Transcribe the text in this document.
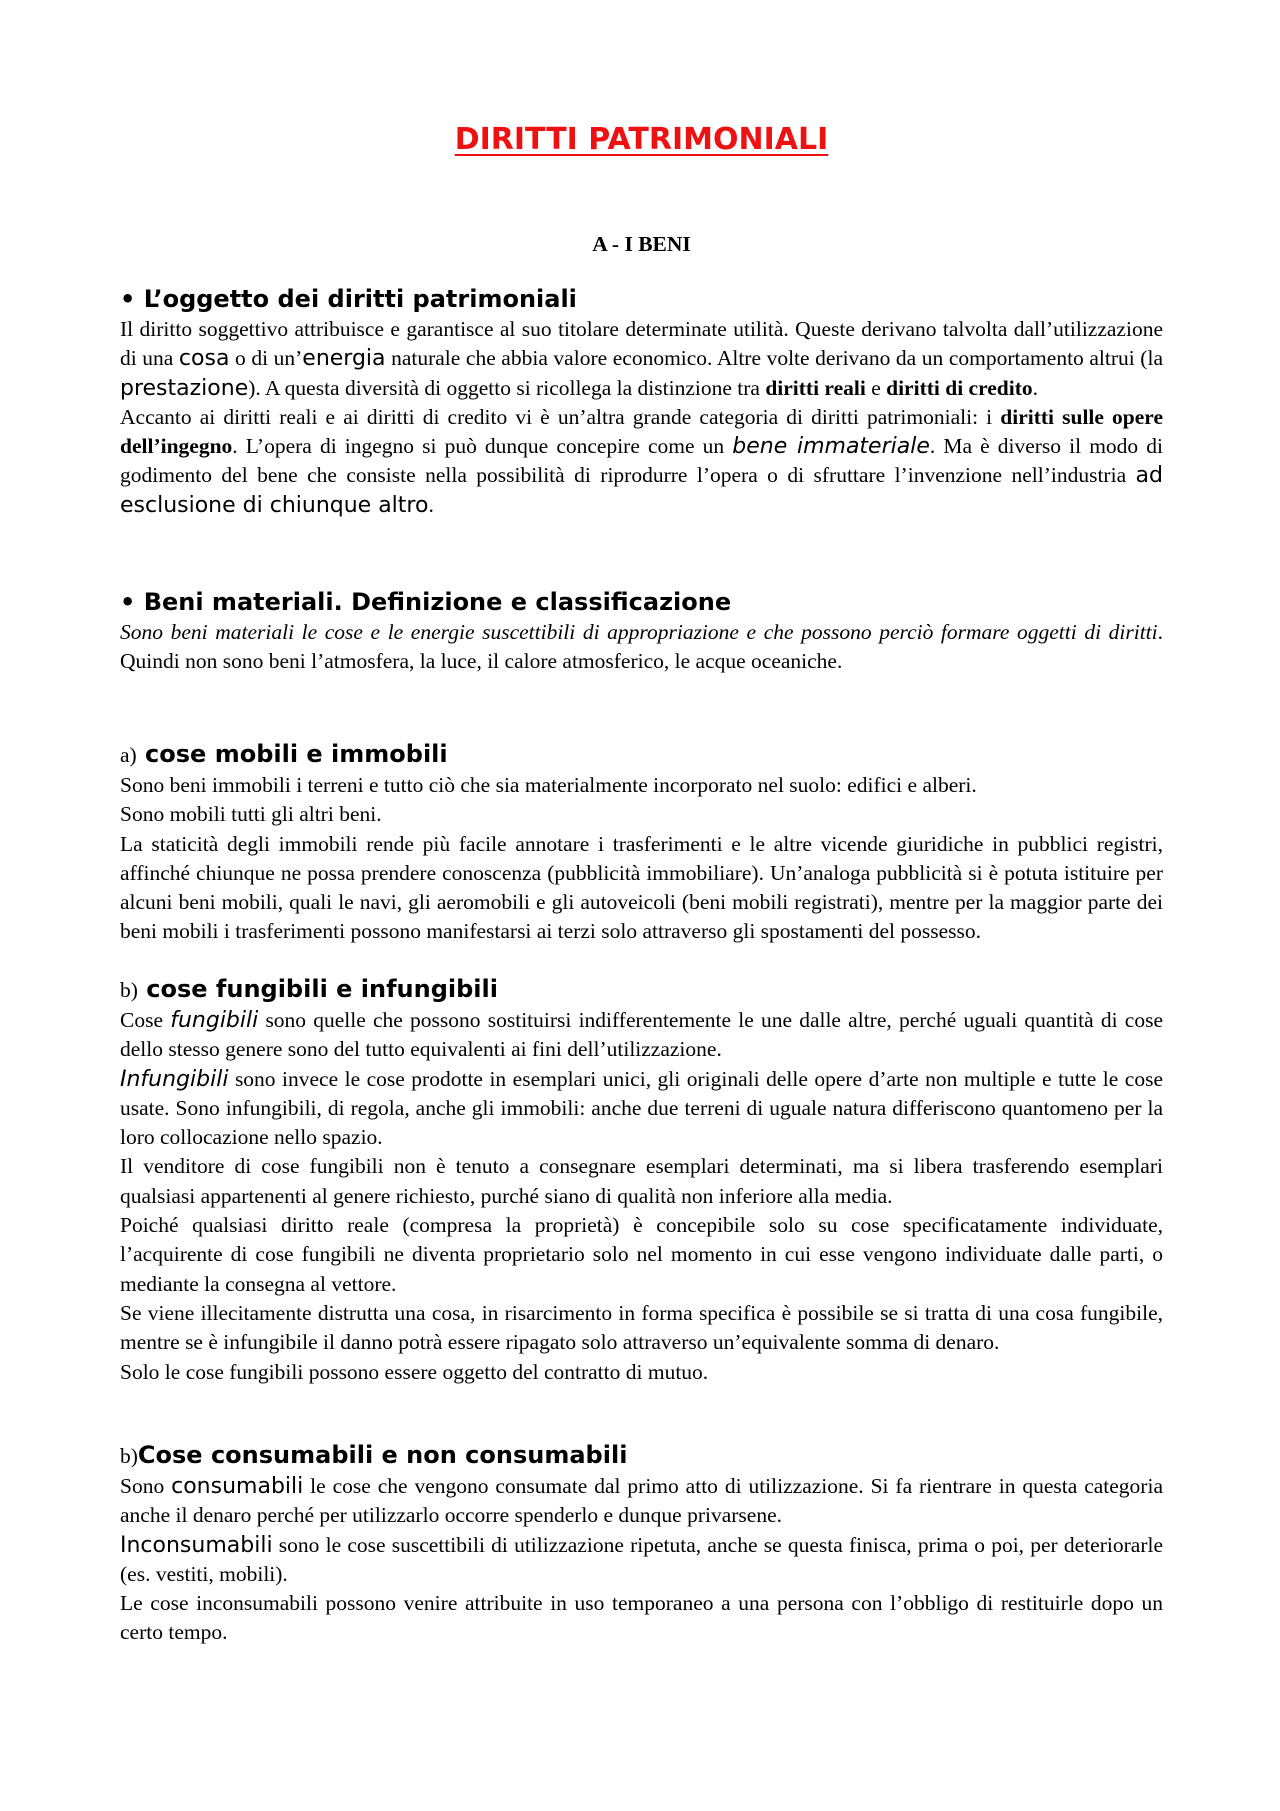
DIRITTI PATRIMONIALI
A - I BENI
• L’oggetto dei diritti patrimoniali

Il diritto soggettivo attribuisce e garantisce al suo titolare determinate utilità. Queste derivano talvolta dall’utilizzazione di una cosa o di un’energia naturale che abbia valore economico. Altre volte derivano da un comportamento altrui (la prestazione). A questa diversità di oggetto si ricollega la distinzione tra diritti reali e diritti di credito.

Accanto ai diritti reali e ai diritti di credito vi è un’altra grande categoria di diritti patrimoniali: i diritti sulle opere dell’ingegno. L’opera di ingegno si può dunque concepire come un bene immateriale. Ma è diverso il modo di godimento del bene che consiste nella possibilità di riprodurre l’opera o di sfruttare l’invenzione nell’industria ad esclusione di chiunque altro.

• Beni materiali. Definizione e classificazione

Sono beni materiali le cose e le energie suscettibili di appropriazione e che possono perciò formare oggetti di diritti. Quindi non sono beni l’atmosfera, la luce, il calore atmosferico, le acque oceaniche.

a) cose mobili e immobili

Sono beni immobili i terreni e tutto ciò che sia materialmente incorporato nel suolo: edifici e alberi.

Sono mobili tutti gli altri beni.

La staticità degli immobili rende più facile annotare i trasferimenti e le altre vicende giuridiche in pubblici registri, affinché chiunque ne possa prendere conoscenza (pubblicità immobiliare). Un’analoga pubblicità si è potuta istituire per alcuni beni mobili, quali le navi, gli aeromobili e gli autoveicoli (beni mobili registrati), mentre per la maggior parte dei beni mobili i trasferimenti possono manifestarsi ai terzi solo attraverso gli spostamenti del possesso.

b) cose fungibili e infungibili

Cose fungibili sono quelle che possono sostituirsi indifferentemente le une dalle altre, perché uguali quantità di cose dello stesso genere sono del tutto equivalenti ai fini dell’utilizzazione.

Infungibili sono invece le cose prodotte in esemplari unici, gli originali delle opere d’arte non multiple e tutte le cose usate. Sono infungibili, di regola, anche gli immobili: anche due terreni di uguale natura differiscono quantomeno per la loro collocazione nello spazio.

Il venditore di cose fungibili non è tenuto a consegnare esemplari determinati, ma si libera trasferendo esemplari qualsiasi appartenenti al genere richiesto, purché siano di qualità non inferiore alla media.

Poiché qualsiasi diritto reale (compresa la proprietà) è concepibile solo su cose specificatamente individuate, l’acquirente di cose fungibili ne diventa proprietario solo nel momento in cui esse vengono individuate dalle parti, o mediante la consegna al vettore.

Se viene illecitamente distrutta una cosa, in risarcimento in forma specifica è possibile se si tratta di una cosa fungibile, mentre se è infungibile il danno potrà essere ripagato solo attraverso un’equivalente somma di denaro.

Solo le cose fungibili possono essere oggetto del contratto di mutuo.

b)Cose consumabili e non consumabili

Sono consumabili le cose che vengono consumate dal primo atto di utilizzazione. Si fa rientrare in questa categoria anche il denaro perché per utilizzarlo occorre spenderlo e dunque privarsene.

Inconsumabili sono le cose suscettibili di utilizzazione ripetuta, anche se questa finisca, prima o poi, per deteriorarle (es. vestiti, mobili).

Le cose inconsumabili possono venire attribuite in uso temporaneo a una persona con l’obbligo di restituirle dopo un certo tempo.
